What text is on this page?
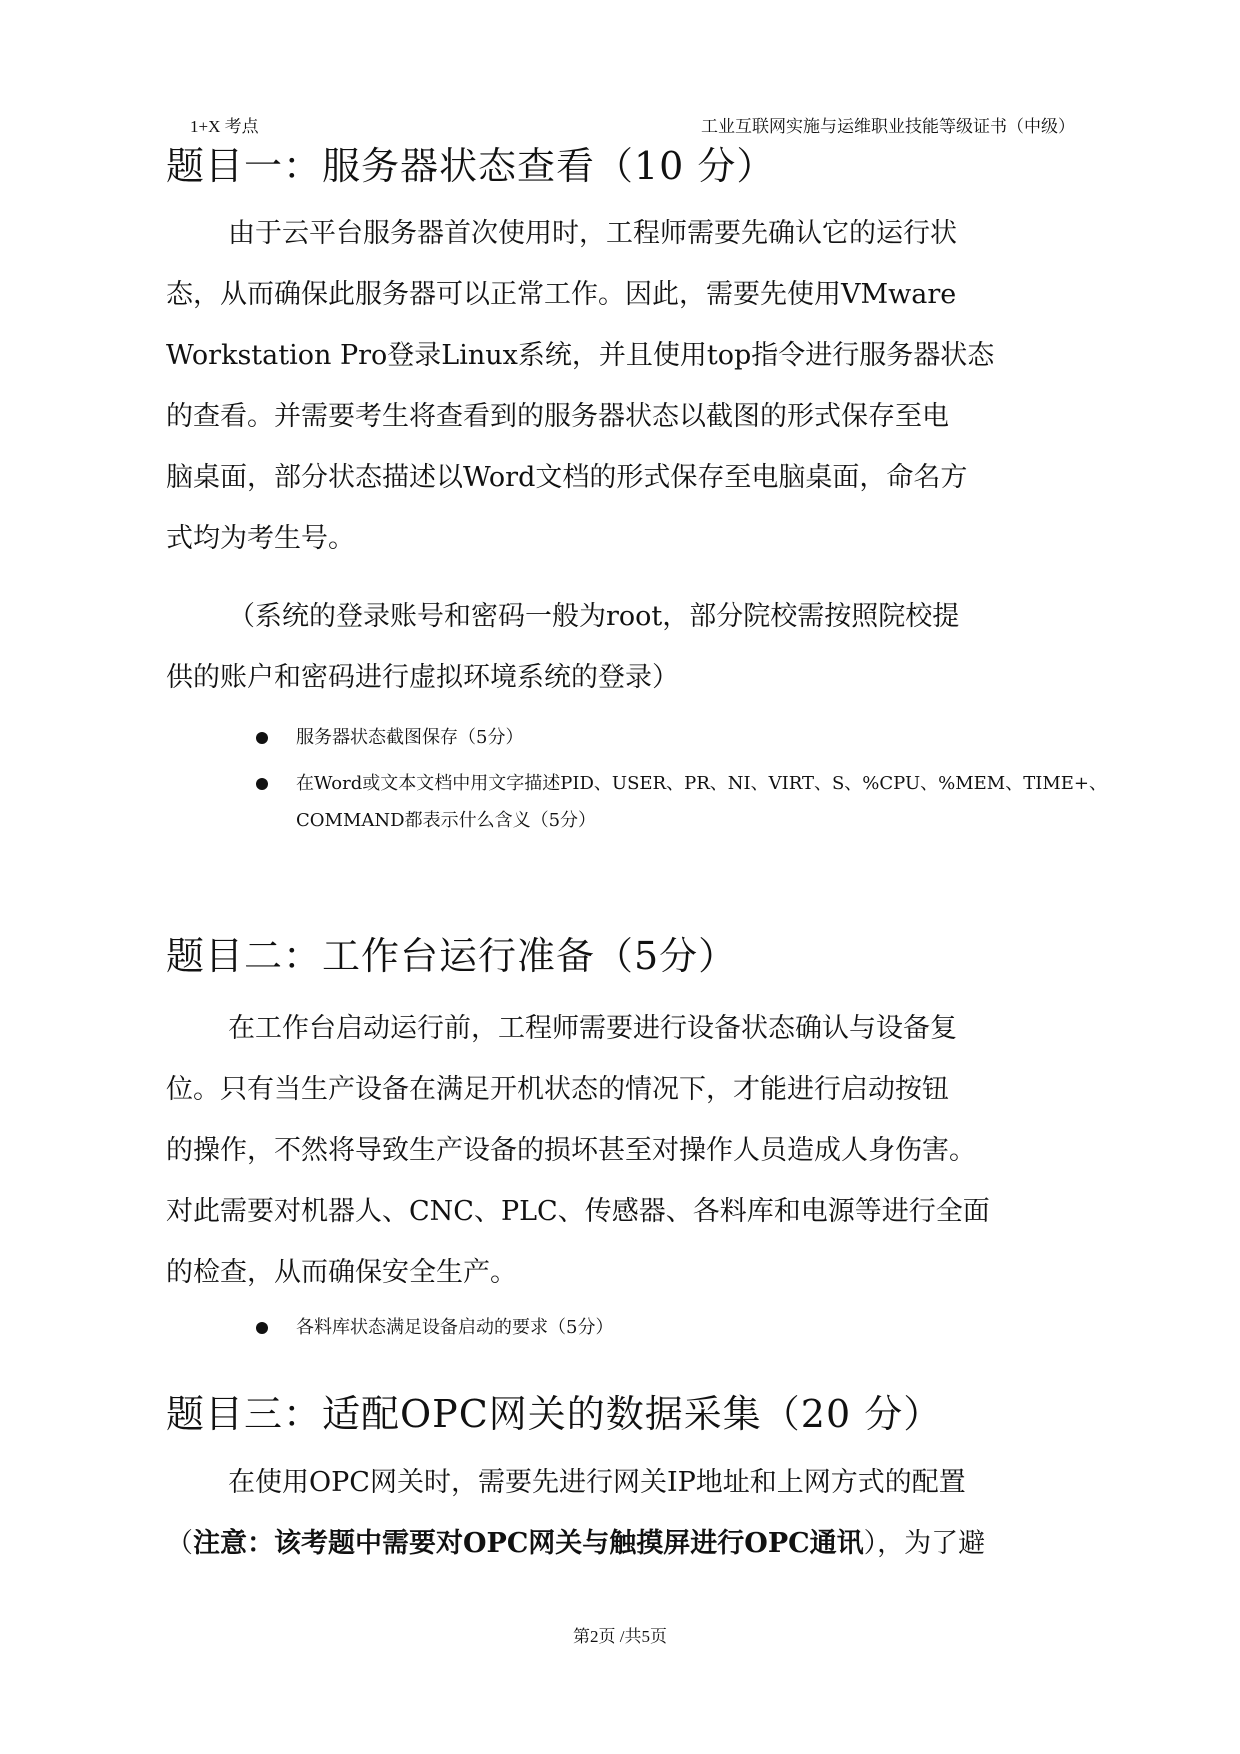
1+X 考点	工业互联网实施与运维职业技能等级证书（中级）
题目一：服务器状态查看（10 分）
由于云平台服务器首次使用时，工程师需要先确认它的运行状
态，从而确保此服务器可以正常工作。因此，需要先使用VMware
Workstation Pro登录Linux系统，并且使用top指令进行服务器状态
的查看。并需要考生将查看到的服务器状态以截图的形式保存至电
脑桌面，部分状态描述以Word文档的形式保存至电脑桌面，命名方
式均为考生号。
（系统的登录账号和密码一般为root，部分院校需按照院校提
供的账户和密码进行虚拟环境系统的登录）
服务器状态截图保存（5分）
在Word或文本文档中用文字描述PID、USER、PR、NI、VIRT、S、%CPU、%MEM、TIME+、COMMAND都表示什么含义（5分）
题目二：工作台运行准备（5分）
在工作台启动运行前，工程师需要进行设备状态确认与设备复
位。只有当生产设备在满足开机状态的情况下，才能进行启动按钮
的操作，不然将导致生产设备的损坏甚至对操作人员造成人身伤害。
对此需要对机器人、CNC、PLC、传感器、各料库和电源等进行全面
的检查，从而确保安全生产。
各料库状态满足设备启动的要求（5分）
题目三：适配OPC网关的数据采集（20 分）
在使用OPC网关时，需要先进行网关IP地址和上网方式的配置
（注意：该考题中需要对OPC网关与触摸屏进行OPC通讯），为了避
第2页 /共5页
